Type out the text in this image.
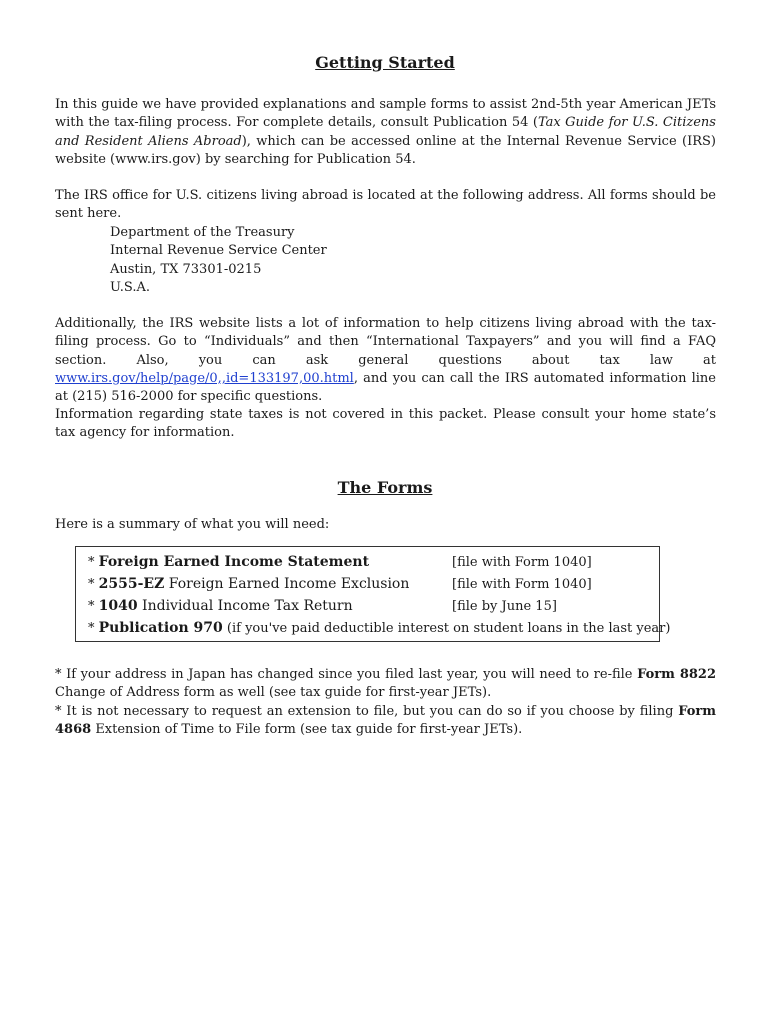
Getting Started

In this guide we have provided explanations and sample forms to assist 2nd-5th year American JETs with the tax-filing process. For complete details, consult Publication 54 (Tax Guide for U.S. Citizens and Resident Aliens Abroad), which can be accessed online at the Internal Revenue Service (IRS) website (www.irs.gov) by searching for Publication 54.

The IRS office for U.S. citizens living abroad is located at the following address. All forms should be sent here.

Department of the Treasury
Internal Revenue Service Center
Austin, TX 73301-0215
U.S.A.

Additionally, the IRS website lists a lot of information to help citizens living abroad with the tax-filing process. Go to “Individuals” and then “International Taxpayers” and you will find a FAQ section. Also, you can ask general questions about tax law at www.irs.gov/help/page/0,,id=133197,00.html, and you can call the IRS automated information line at (215) 516-2000 for specific questions.

Information regarding state taxes is not covered in this packet. Please consult your home state’s tax agency for information.

The Forms

Here is a summary of what you will need:

* Foreign Earned Income Statement	[file with Form 1040]
* 2555-EZ Foreign Earned Income Exclusion	[file with Form 1040]
* 1040 Individual Income Tax Return	[file by June 15]
* Publication 970 (if you've paid deductible interest on student loans in the last year)

* If your address in Japan has changed since you filed last year, you will need to re-file Form 8822 Change of Address form as well (see tax guide for first-year JETs).

* It is not necessary to request an extension to file, but you can do so if you choose by filing Form 4868 Extension of Time to File form (see tax guide for first-year JETs).
